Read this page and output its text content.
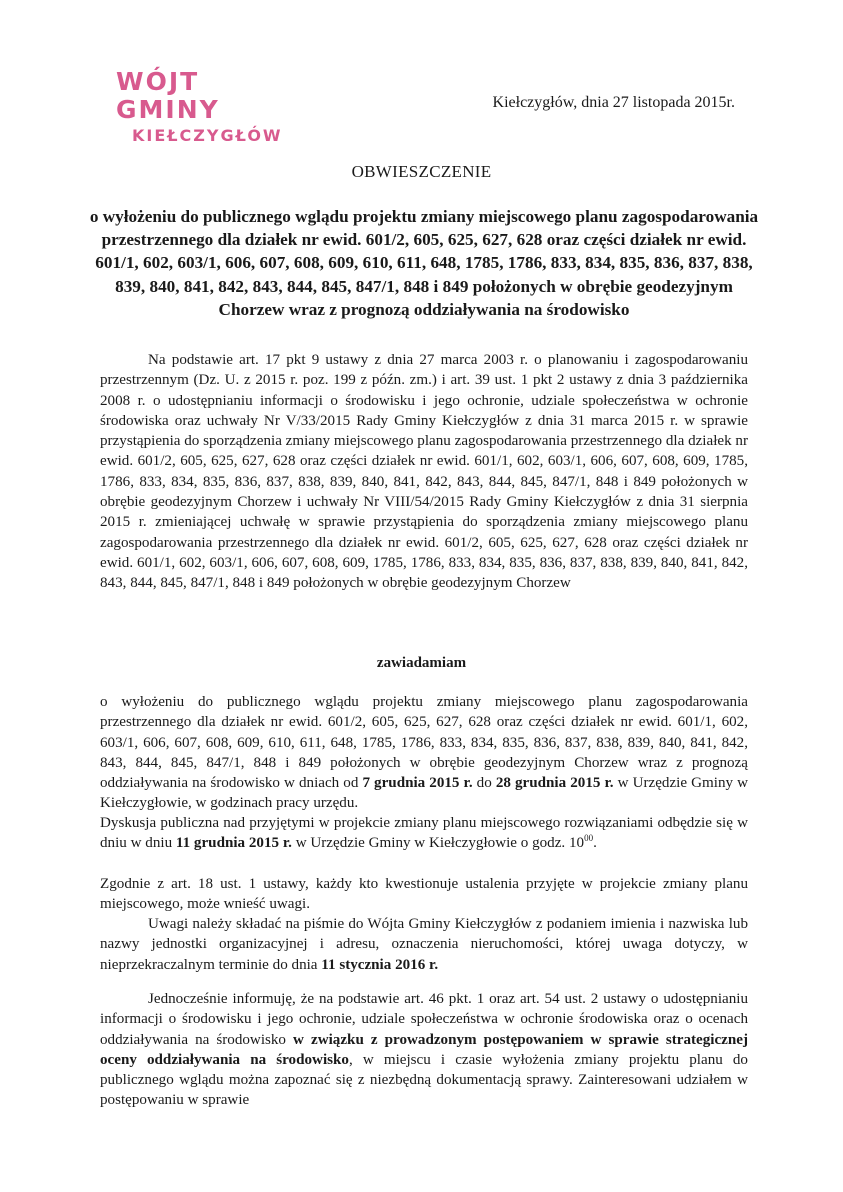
WÓJT GMINY
KIEŁCZYGŁÓW
Kiełczygłów, dnia 27 listopada 2015r.
OBWIESZCZENIE
o wyłożeniu do publicznego wglądu projektu zmiany miejscowego planu zagospodarowania przestrzennego dla działek nr ewid. 601/2, 605, 625, 627, 628 oraz części działek nr ewid. 601/1, 602, 603/1, 606, 607, 608, 609, 610, 611, 648, 1785, 1786, 833, 834, 835, 836, 837, 838, 839, 840, 841, 842, 843, 844, 845, 847/1, 848 i 849 położonych w obrębie geodezyjnym Chorzew wraz z prognozą oddziaływania na środowisko
Na podstawie art. 17 pkt 9 ustawy z dnia 27 marca 2003 r. o planowaniu i zagospodarowaniu przestrzennym (Dz. U. z 2015 r. poz. 199 z późn. zm.) i art. 39 ust. 1 pkt 2 ustawy z dnia 3 października 2008 r. o udostępnianiu informacji o środowisku i jego ochronie, udziale społeczeństwa w ochronie środowiska oraz uchwały Nr V/33/2015 Rady Gminy Kiełczygłów z dnia 31 marca 2015 r. w sprawie przystąpienia do sporządzenia zmiany miejscowego planu zagospodarowania przestrzennego dla działek nr ewid. 601/2, 605, 625, 627, 628 oraz części działek nr ewid. 601/1, 602, 603/1, 606, 607, 608, 609, 1785, 1786, 833, 834, 835, 836, 837, 838, 839, 840, 841, 842, 843, 844, 845, 847/1, 848 i 849 położonych w obrębie geodezyjnym Chorzew i uchwały Nr VIII/54/2015 Rady Gminy Kiełczygłów z dnia 31 sierpnia 2015 r. zmieniającej uchwałę w sprawie przystąpienia do sporządzenia zmiany miejscowego planu zagospodarowania przestrzennego dla działek nr ewid. 601/2, 605, 625, 627, 628 oraz części działek nr ewid. 601/1, 602, 603/1, 606, 607, 608, 609, 1785, 1786, 833, 834, 835, 836, 837, 838, 839, 840, 841, 842, 843, 844, 845, 847/1, 848 i 849 położonych w obrębie geodezyjnym Chorzew
zawiadamiam
o wyłożeniu do publicznego wglądu projektu zmiany miejscowego planu zagospodarowania przestrzennego dla działek nr ewid. 601/2, 605, 625, 627, 628 oraz części działek nr ewid. 601/1, 602, 603/1, 606, 607, 608, 609, 610, 611, 648, 1785, 1786, 833, 834, 835, 836, 837, 838, 839, 840, 841, 842, 843, 844, 845, 847/1, 848 i 849 położonych w obrębie geodezyjnym Chorzew wraz z prognozą oddziaływania na środowisko w dniach od 7 grudnia 2015 r. do 28 grudnia 2015 r. w Urzędzie Gminy w Kiełczygłowie, w godzinach pracy urzędu.
Dyskusja publiczna nad przyjętymi w projekcie zmiany planu miejscowego rozwiązaniami odbędzie się w dniu w dniu 11 grudnia 2015 r. w Urzędzie Gminy w Kiełczygłowie o godz. $10^{00}$.
Zgodnie z art. 18 ust. 1 ustawy, każdy kto kwestionuje ustalenia przyjęte w projekcie zmiany planu miejscowego, może wnieść uwagi.
Uwagi należy składać na piśmie do Wójta Gminy Kiełczygłów z podaniem imienia i nazwiska lub nazwy jednostki organizacyjnej i adresu, oznaczenia nieruchomości, której uwaga dotyczy, w nieprzekraczalnym terminie do dnia 11 stycznia 2016 r.
Jednocześnie informuję, że na podstawie art. 46 pkt. 1 oraz art. 54 ust. 2 ustawy o udostępnianiu informacji o środowisku i jego ochronie, udziale społeczeństwa w ochronie środowiska oraz o ocenach oddziaływania na środowisko w związku z prowadzonym postępowaniem w sprawie strategicznej oceny oddziaływania na środowisko, w miejscu i czasie wyłożenia zmiany projektu planu do publicznego wglądu można zapoznać się z niezbędną dokumentacją sprawy. Zainteresowani udziałem w postępowaniu w sprawie
